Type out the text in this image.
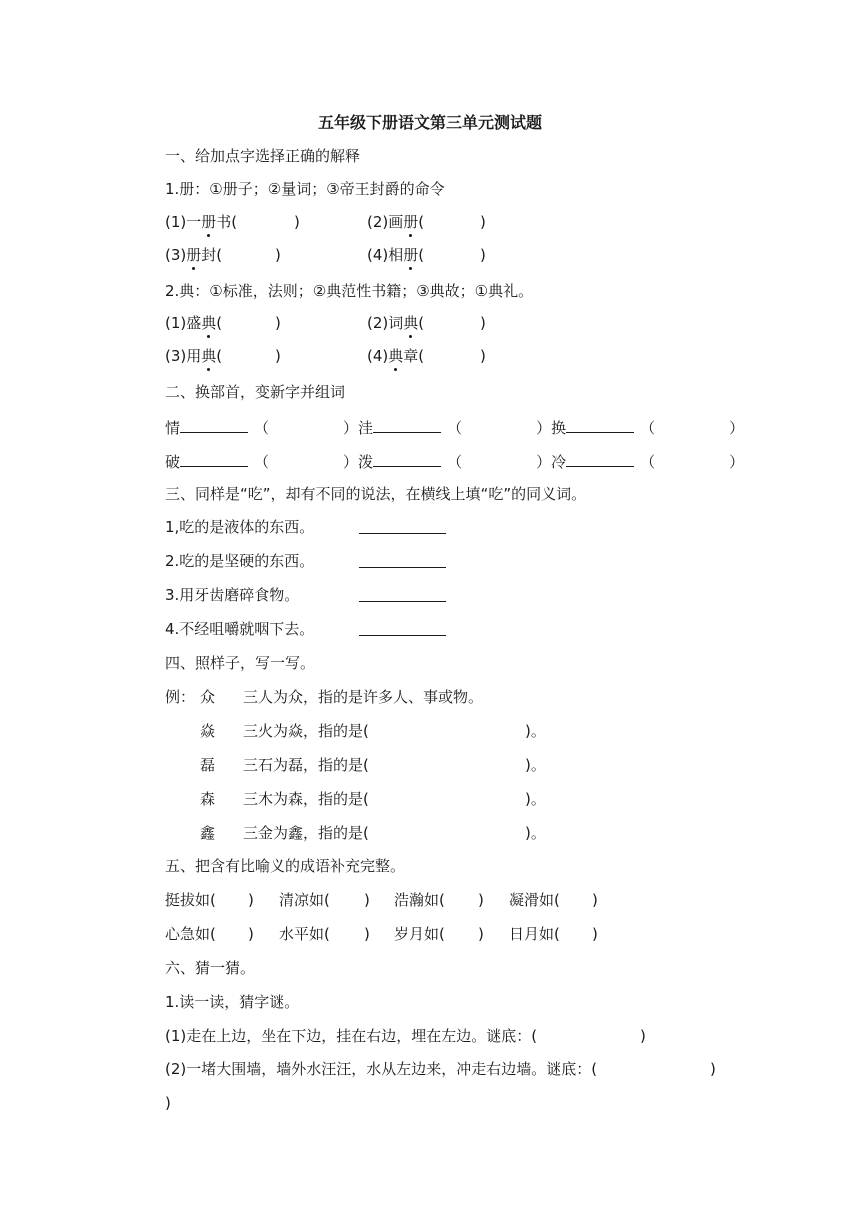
五年级下册语文第三单元测试题
一、给加点字选择正确的解释
1.册：①册子；②量词；③帝王封爵的命令
(1)一册书(	)	(2)画册(	)
(3)册封(	)	(4)相册(	)
2.典：①标准，法则；②典范性书籍；③典故；①典礼。
(1)盛典(	)	(2)词典(	)
(3)用典(	)	(4)典章(	)
二、换部首，变新字并组词
情	（	）洼	（	）换	（	）
破	（	）泼	（	）冷	（	）
三、同样是“吃”，却有不同的说法，在横线上填“吃”的同义词。
1,吃的是液体的东西。
2.吃的是坚硬的东西。
3.用牙齿磨碎食物。
4.不经咀嚼就咽下去。
四、照样子，写一写。
例： 众 三人为众，指的是许多人、事或物。
焱 三火为焱，指的是(	)。
磊 三石为磊，指的是(	)。
森 三木为森，指的是(	)。
鑫 三金为鑫，指的是(	)。
五、把含有比喻义的成语补充完整。
挺拔如( ) 清凉如( ) 浩瀚如( ) 凝滑如( )
心急如( ) 水平如( ) 岁月如( ) 日月如( )
六、猜一猜。
1.读一读，猜字谜。
(1)走在上边，坐在下边，挂在右边，埋在左边。谜底：(	)
(2)一堵大围墙，墙外水汪汪，水从左边来，冲走右边墙。谜底：(	)
)
